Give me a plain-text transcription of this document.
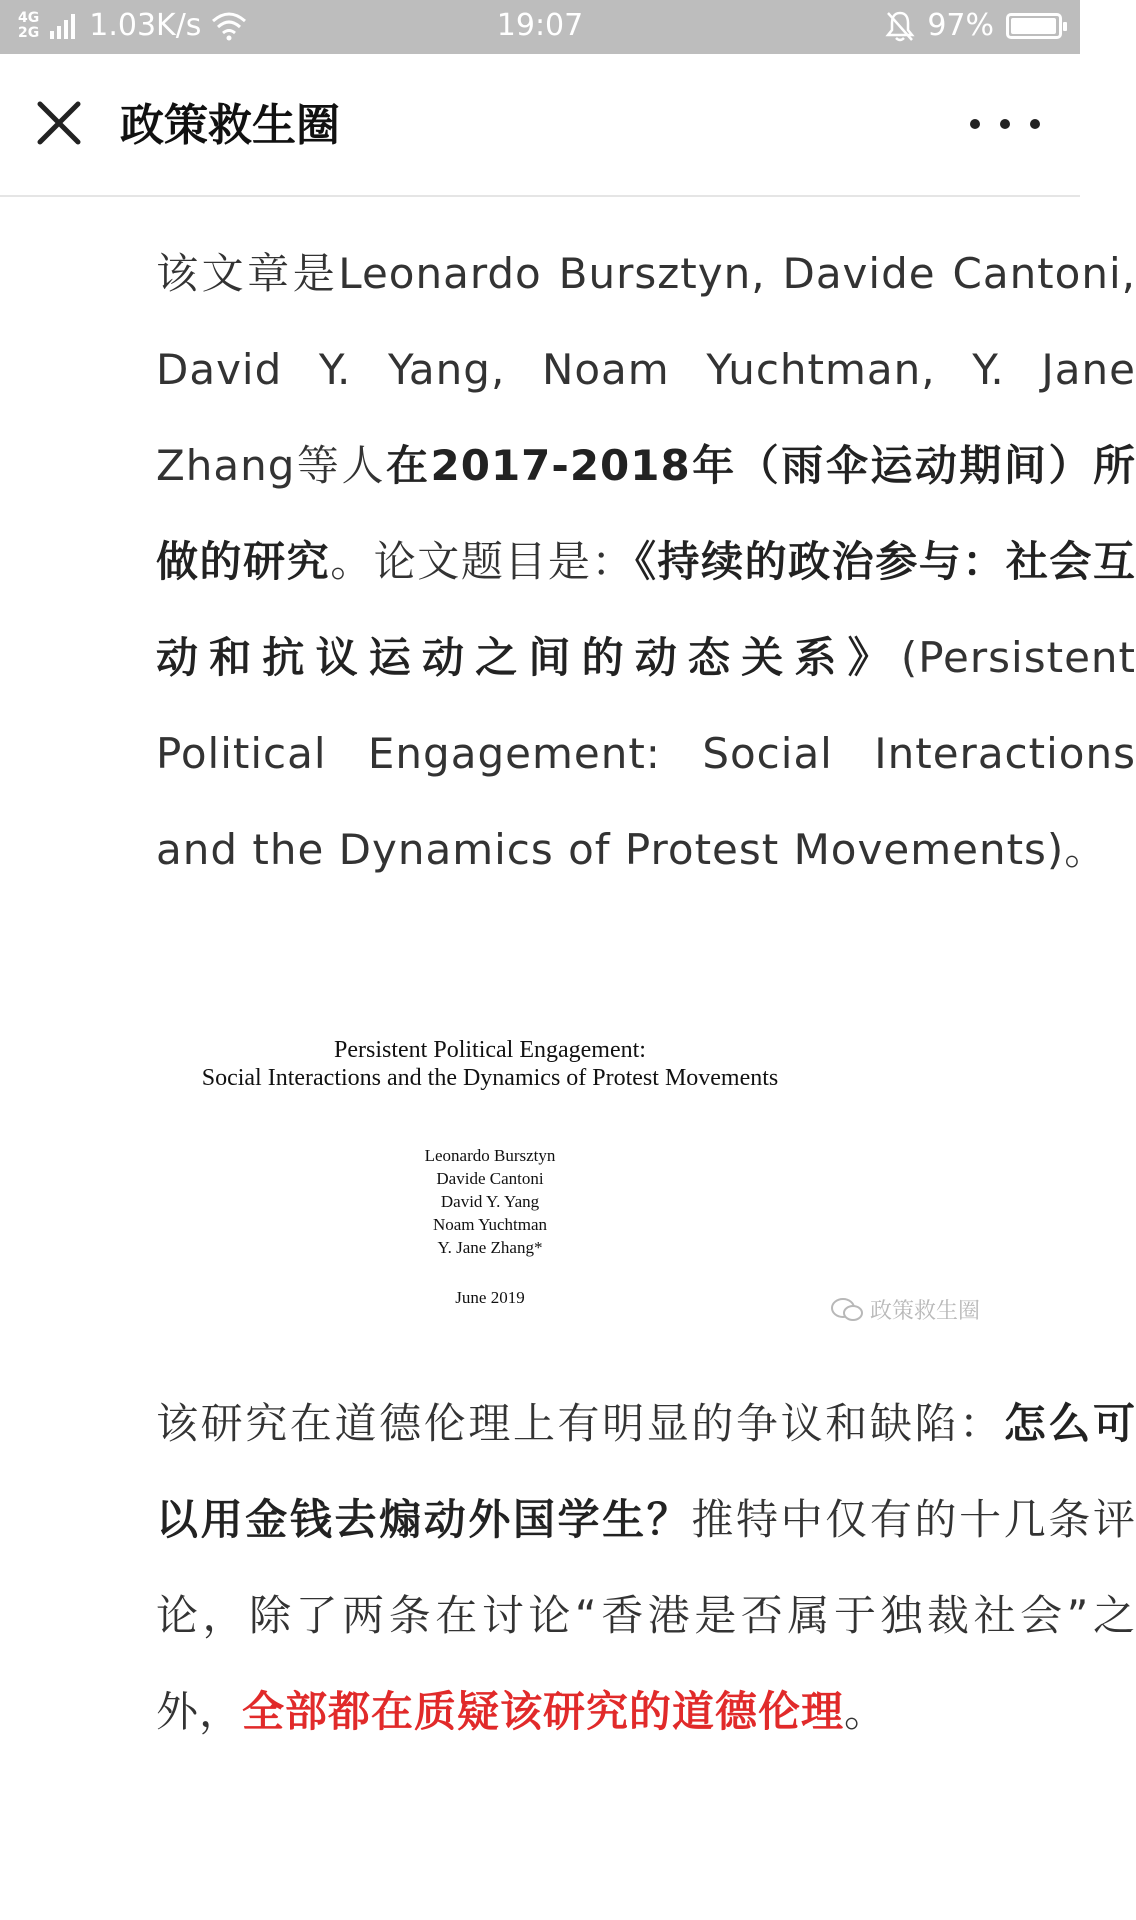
4G
2G 1.03K/s	19:07	97%
政策救生圈
该文章是Leonardo Bursztyn, Davide Cantoni, David Y. Yang, Noam Yuchtman, Y. Jane Zhang等人在2017-2018年（雨伞运动期间）所做的研究。论文题目是：《持续的政治参与：社会互动和抗议运动之间的动态关系》(Persistent Political Engagement: Social Interactions and the Dynamics of Protest Movements)。
Persistent Political Engagement:
Social Interactions and the Dynamics of Protest Movements
Leonardo Bursztyn
Davide Cantoni
David Y. Yang
Noam Yuchtman
Y. Jane Zhang*
June 2019
政策救生圈
该研究在道德伦理上有明显的争议和缺陷：怎么可以用金钱去煽动外国学生？推特中仅有的十几条评论，除了两条在讨论“香港是否属于独裁社会”之外，全部都在质疑该研究的道德伦理。
